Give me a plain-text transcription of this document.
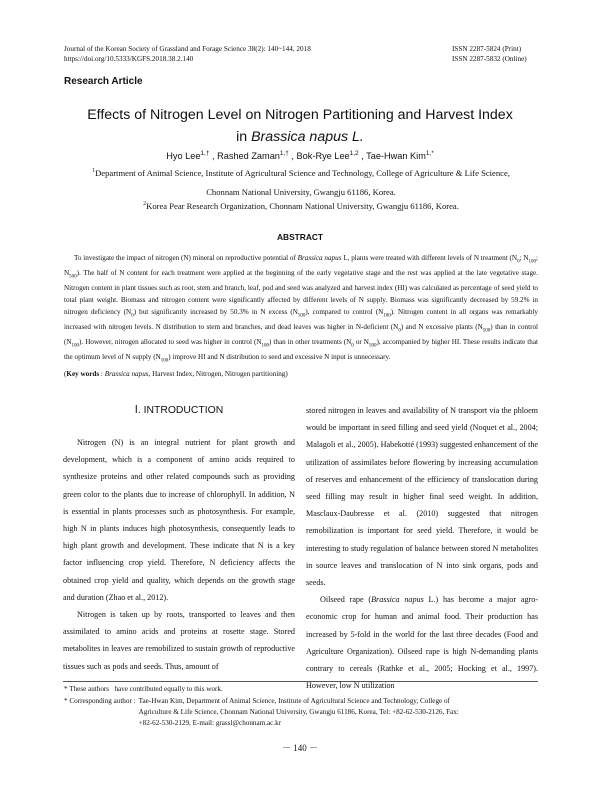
Journal of the Korean Society of Grassland and Forage Science 38(2): 140~144, 2018
https://doi.org/10.5333/KGFS.2018.38.2.140
ISSN 2287-5824 (Print)
ISSN 2287-5832 (Online)
Research Article
Effects of Nitrogen Level on Nitrogen Partitioning and Harvest Index
in Brassica napus L.
Hyo Lee$^{1,\dagger}$ , Rashed Zaman$^{1,\dagger}$ , Bok-Rye Lee$^{1,2}$ , Tae-Hwan Kim$^{1,*}$
$^1$Department of Animal Science, Institute of Agricultural Science and Technology, College of Agriculture & Life Science,
Chonnam National University, Gwangju 61186, Korea.
$^2$Korea Pear Research Organization, Chonnam National University, Gwangju 61186, Korea.
ABSTRACT

To investigate the impact of nitrogen (N) mineral on reproductive potential of Brassica napus L, plants were treated with different levels of N treatment ($N_0$; $N_{100}$; $N_{500}$). The half of N content for each treatment were applied at the beginning of the early vegetative stage and the rest was applied at the late vegetative stage. Nitrogen content in plant tissues such as root, stem and branch, leaf, pod and seed was analyzed and harvest index (HI) was calculated as percentage of seed yield to total plant weight. Biomass and nitrogen content were significantly affected by different levels of N supply. Biomass was significantly decreased by 59.2% in nitrogen deficiency $(N_0)$ but significantly increased by 50.3% in N excess $(N_{500})$, compared to control $(N_{100})$. Nitrogen content in all organs was remarkably increased with nitrogen levels. N distribution to stem and branches, and dead leaves was higher in N-deficient $(N_0)$ and N excessive plants $(N_{500})$ than in control $(N_{100})$. However, nitrogen allocated to seed was higher in control $(N_{100})$ than in other treatments ($N_0$ or $N_{500}$), accompanied by higher HI. These results indicate that the optimum level of N supply $(N_{100})$ improve HI and N distribution to seed and excessive N input is unnecessary.

(Key words : Brassica napus, Harvest Index, Nitrogen, Nitrogen partitioning)
Ⅰ. INTRODUCTION

Nitrogen (N) is an integral nutrient for plant growth and development, which is a component of amino acids required to synthesize proteins and other related compounds such as providing green color to the plants due to increase of chlorophyll. In addition, N is essential in plants processes such as photosynthesis. For example, high N in plants induces high photosynthesis, consequently leads to high plant growth and development. These indicate that N is a key factor influencing crop yield. Therefore, N deficiency affects the obtained crop yield and quality, which depends on the growth stage and duration (Zhao et al., 2012).

Nitrogen is taken up by roots, transported to leaves and then assimilated to amino acids and proteins at rosette stage. Stored metabolites in leaves are remobilized to sustain growth of reproductive tissues such as pods and seeds. Thus, amount of

stored nitrogen in leaves and availability of N transport via the phloem would be important in seed filling and seed yield (Noquet et al., 2004; Malagoli et al., 2005). Habekotté (1993) suggested enhancement of the utilization of assimilates before flowering by increasing accumulation of reserves and enhancement of the efficiency of translocation during seed filling may result in higher final seed weight. In addition, Masclaux-Daubresse et al. (2010) suggested that nitrogen remobilization is important for seed yield. Therefore, it would be interesting to study regulation of balance between stored N metabolites in source leaves and translocation of N into sink organs, pods and seeds.

Oilseed rape (Brassica napus L.) has become a major agro-economic crop for human and animal food. Their production has increased by 5-fold in the world for the last three decades (Food and Agriculture Organization). Oilseed rape is high N-demanding plants contrary to cereals (Rathke et al., 2005; Hocking et al., 1997). However, low N utilization

* These authors have contributed equally to this work.
* Corresponding author : Tae-Hwan Kim, Department of Animal Science, Institute of Agricultural Science and Technology, College of
Agriculture & Life Science, Chonnam National University, Gwangju 61186, Korea, Tel: +82-62-530-2126, Fax:
+82-62-530-2129, E-mail: grassl@chonnam.ac.kr
－ 140 －
